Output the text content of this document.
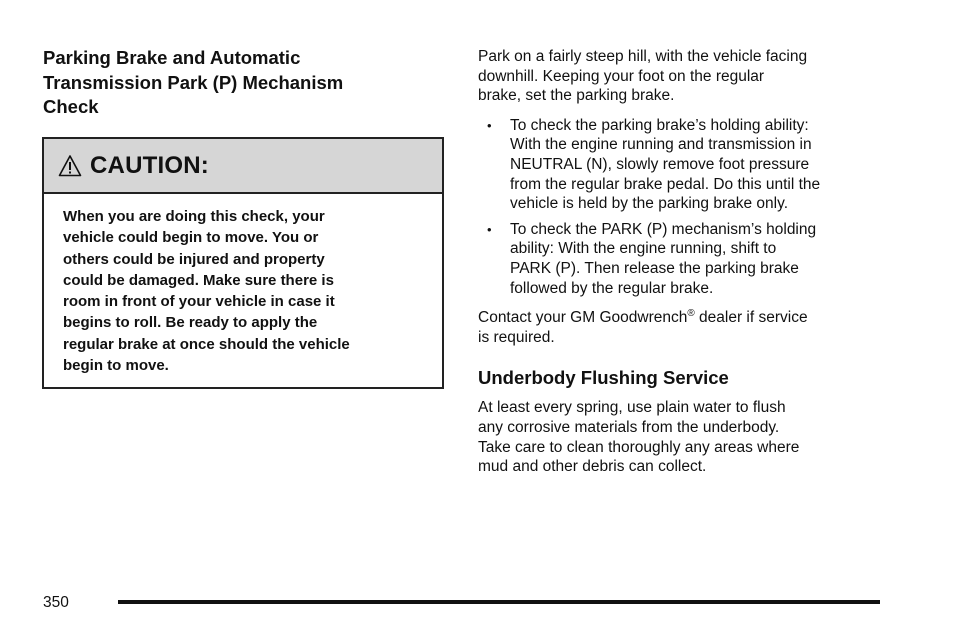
Parking Brake and Automatic
Transmission Park (P) Mechanism
Check
CAUTION:
When you are doing this check, your
vehicle could begin to move. You or
others could be injured and property
could be damaged. Make sure there is
room in front of your vehicle in case it
begins to roll. Be ready to apply the
regular brake at once should the vehicle
begin to move.

Park on a fairly steep hill, with the vehicle facing
downhill. Keeping your foot on the regular
brake, set the parking brake.

• To check the parking brake’s holding ability:
With the engine running and transmission in
NEUTRAL (N), slowly remove foot pressure
from the regular brake pedal. Do this until the
vehicle is held by the parking brake only.
• To check the PARK (P) mechanism’s holding
ability: With the engine running, shift to
PARK (P). Then release the parking brake
followed by the regular brake.

Contact your GM Goodwrench® dealer if service
is required.

Underbody Flushing Service

At least every spring, use plain water to flush
any corrosive materials from the underbody.
Take care to clean thoroughly any areas where
mud and other debris can collect.

350
